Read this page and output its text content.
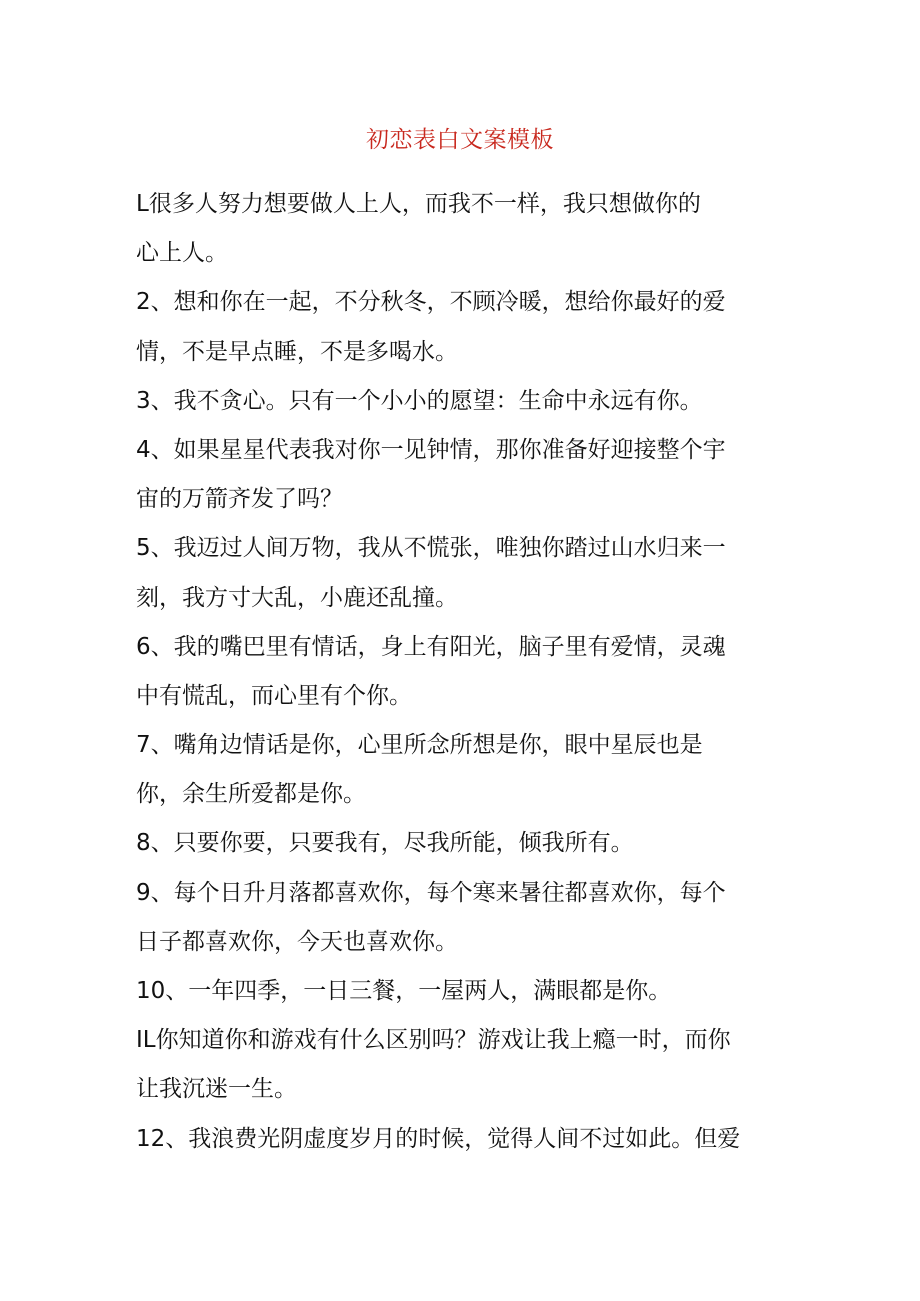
初恋表白文案模板
L很多人努力想要做人上人，而我不一样，我只想做你的
心上人。
2、想和你在一起，不分秋冬，不顾冷暖，想给你最好的爱
情，不是早点睡，不是多喝水。
3、我不贪心。只有一个小小的愿望：生命中永远有你。
4、如果星星代表我对你一见钟情，那你准备好迎接整个宇
宙的万箭齐发了吗？
5、我迈过人间万物，我从不慌张，唯独你踏过山水归来一
刻，我方寸大乱，小鹿还乱撞。
6、我的嘴巴里有情话，身上有阳光，脑子里有爱情，灵魂
中有慌乱，而心里有个你。
7、嘴角边情话是你，心里所念所想是你，眼中星辰也是
你，余生所爱都是你。
8、只要你要，只要我有，尽我所能，倾我所有。
9、每个日升月落都喜欢你，每个寒来暑往都喜欢你，每个
日子都喜欢你，今天也喜欢你。
10、一年四季，一日三餐，一屋两人，满眼都是你。
IL你知道你和游戏有什么区别吗？游戏让我上瘾一时，而你
让我沉迷一生。
12、我浪费光阴虚度岁月的时候，觉得人间不过如此。但爱
